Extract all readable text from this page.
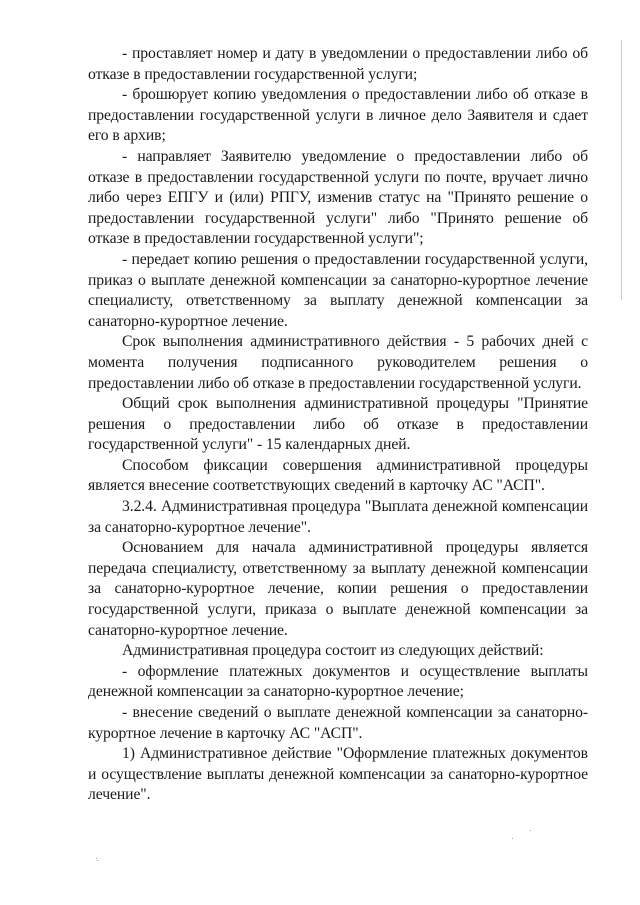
- проставляет номер и дату в уведомлении о предоставлении либо об отказе в предоставлении государственной услуги;

- брошюрует копию уведомления о предоставлении либо об отказе в предоставлении государственной услуги в личное дело Заявителя и сдает его в архив;

- направляет Заявителю уведомление о предоставлении либо об отказе в предоставлении государственной услуги по почте, вручает лично либо через ЕПГУ и (или) РПГУ, изменив статус на "Принято решение о предоставлении государственной услуги" либо "Принято решение об отказе в предоставлении государственной услуги";

- передает копию решения о предоставлении государственной услуги, приказ о выплате денежной компенсации за санаторно-курортное лечение специалисту, ответственному за выплату денежной компенсации за санаторно-курортное лечение.

Срок выполнения административного действия - 5 рабочих дней с момента получения подписанного руководителем решения о предоставлении либо об отказе в предоставлении государственной услуги.

Общий срок выполнения административной процедуры "Принятие решения о предоставлении либо об отказе в предоставлении государственной услуги" - 15 календарных дней.

Способом фиксации совершения административной процедуры является внесение соответствующих сведений в карточку АС "АСП".

3.2.4. Административная процедура "Выплата денежной компенсации за санаторно-курортное лечение".

Основанием для начала административной процедуры является передача специалисту, ответственному за выплату денежной компенсации за санаторно-курортное лечение, копии решения о предоставлении государственной услуги, приказа о выплате денежной компенсации за санаторно-курортное лечение.

Административная процедура состоит из следующих действий:

- оформление платежных документов и осуществление выплаты денежной компенсации за санаторно-курортное лечение;

- внесение сведений о выплате денежной компенсации за санаторно-курортное лечение в карточку АС "АСП".

1) Административное действие "Оформление платежных документов и осуществление выплаты денежной компенсации за санаторно-курортное лечение".
